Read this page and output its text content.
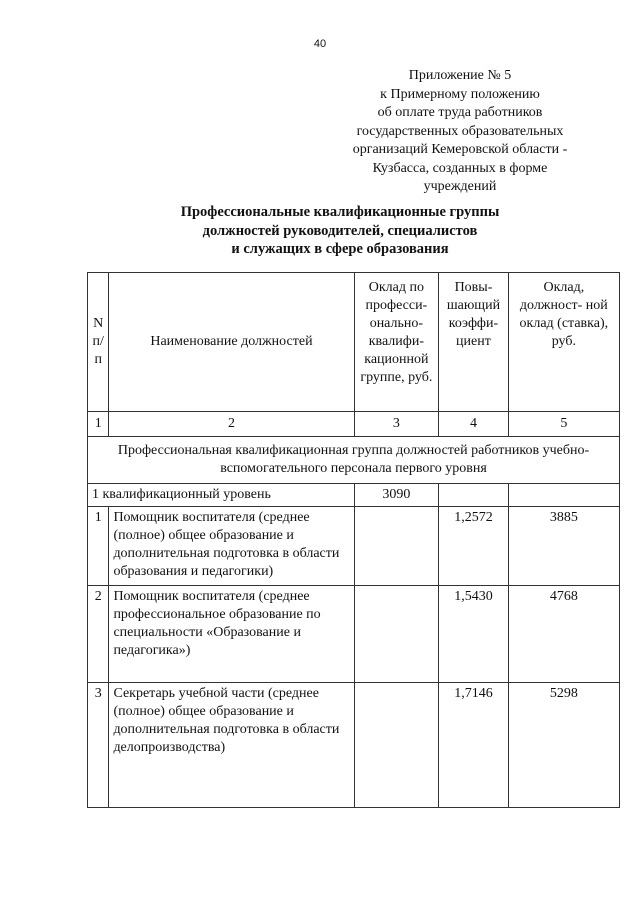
40
Приложение № 5
к Примерному положению
об оплате труда работников
государственных образовательных
организаций Кемеровской области -
Кузбасса, созданных в форме
учреждений
Профессиональные квалификационные группы
должностей руководителей, специалистов
и служащих в сфере образования
N п/п	Наименование должностей	Оклад по професси- онально- квалифи- кационной группе, руб.	Повы- шающий коэффи- циент	Оклад, должност- ной оклад (ставка), руб.
1	2	3	4	5
Профессиональная квалификационная группа должностей работников учебно-вспомогательного персонала первого уровня				
1 квалификационный уровень		3090		
1	Помощник воспитателя (среднее (полное) общее образование и дополнительная подготовка в области образования и педагогики)		1,2572	3885
2	Помощник воспитателя (среднее профессиональное образование по специальности «Образование и педагогика»)		1,5430	4768
3	Секретарь учебной части (среднее (полное) общее образование и дополнительная подготовка в области делопроизводства)		1,7146	5298
